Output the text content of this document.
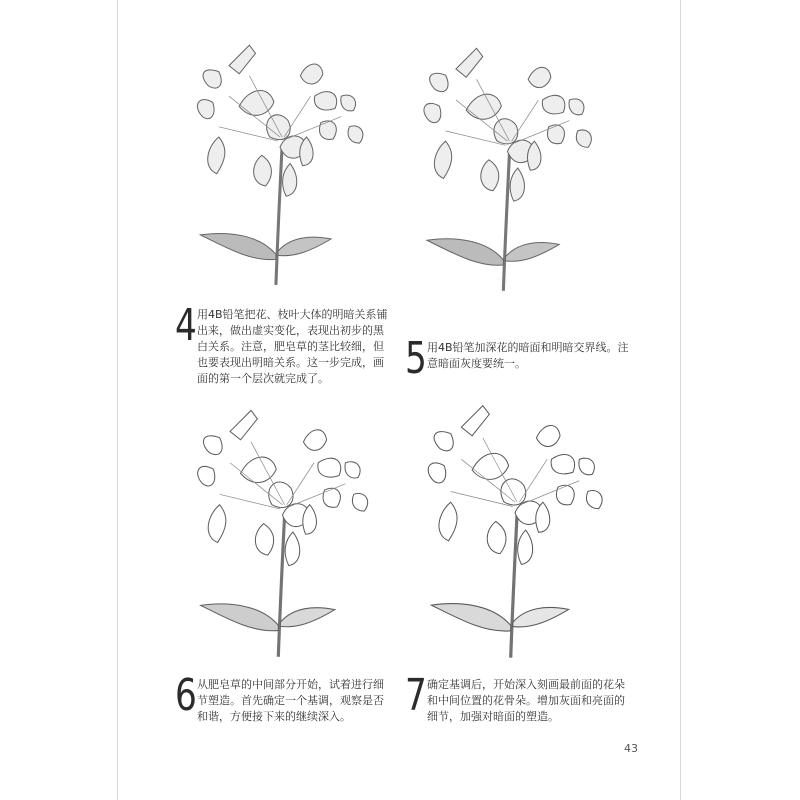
4 用4B铅笔把花、枝叶大体的明暗关系铺出来，做出虚实变化，表现出初步的黑白关系。注意，肥皂草的茎比较细，但也要表现出明暗关系。这一步完成，画面的第一个层次就完成了。	5 用4B铅笔加深花的暗面和明暗交界线。注意暗面灰度要统一。
6 从肥皂草的中间部分开始，试着进行细节塑造。首先确定一个基调，观察是否和谐，方便接下来的继续深入。	7 确定基调后，开始深入刻画最前面的花朵和中间位置的花骨朵。增加灰面和亮面的细节，加强对暗面的塑造。
43
